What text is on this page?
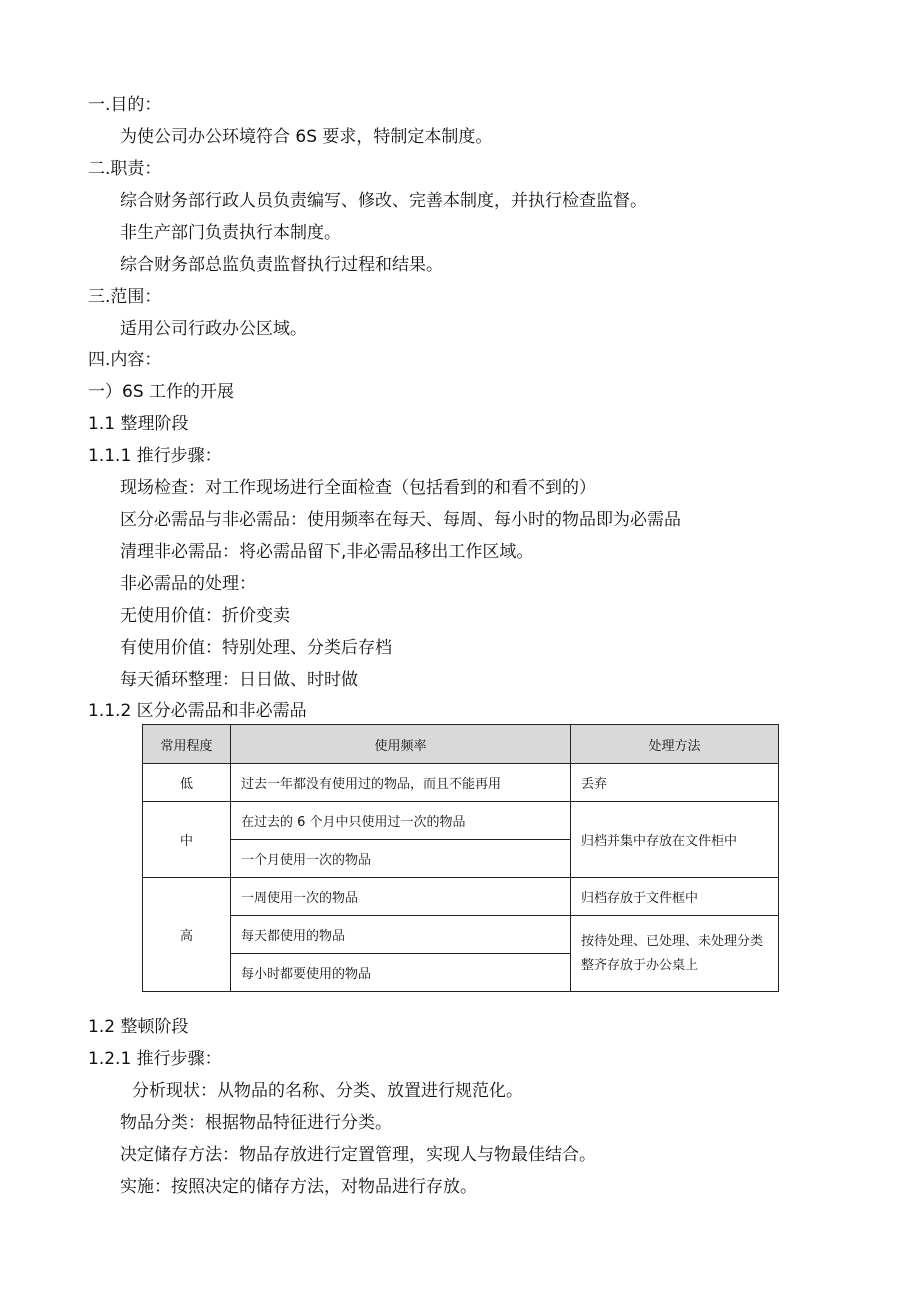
一.目的：
为使公司办公环境符合 6S 要求，特制定本制度。
二.职责：
综合财务部行政人员负责编写、修改、完善本制度，并执行检查监督。
非生产部门负责执行本制度。
综合财务部总监负责监督执行过程和结果。
三.范围：
适用公司行政办公区域。
四.内容：
一）6S 工作的开展
1.1 整理阶段
1.1.1 推行步骤：
现场检查：对工作现场进行全面检查（包括看到的和看不到的）
区分必需品与非必需品：使用频率在每天、每周、每小时的物品即为必需品
清理非必需品：将必需品留下,非必需品移出工作区域。
非必需品的处理：
无使用价值：折价变卖
有使用价值：特别处理、分类后存档
每天循环整理：日日做、时时做
1.1.2 区分必需品和非必需品
常用程度	使用频率	处理方法
低	过去一年都没有使用过的物品，而且不能再用	丢弃
中	在过去的 6 个月中只使用过一次的物品	归档并集中存放在文件柜中
	一个月使用一次的物品	
高	一周使用一次的物品	归档存放于文件框中
	每天都使用的物品	按待处理、已处理、未处理分类
整齐存放于办公桌上
	每小时都要使用的物品	
1.2 整顿阶段
1.2.1 推行步骤：
分析现状：从物品的名称、分类、放置进行规范化。
物品分类：根据物品特征进行分类。
决定储存方法：物品存放进行定置管理，实现人与物最佳结合。
实施：按照决定的储存方法，对物品进行存放。
